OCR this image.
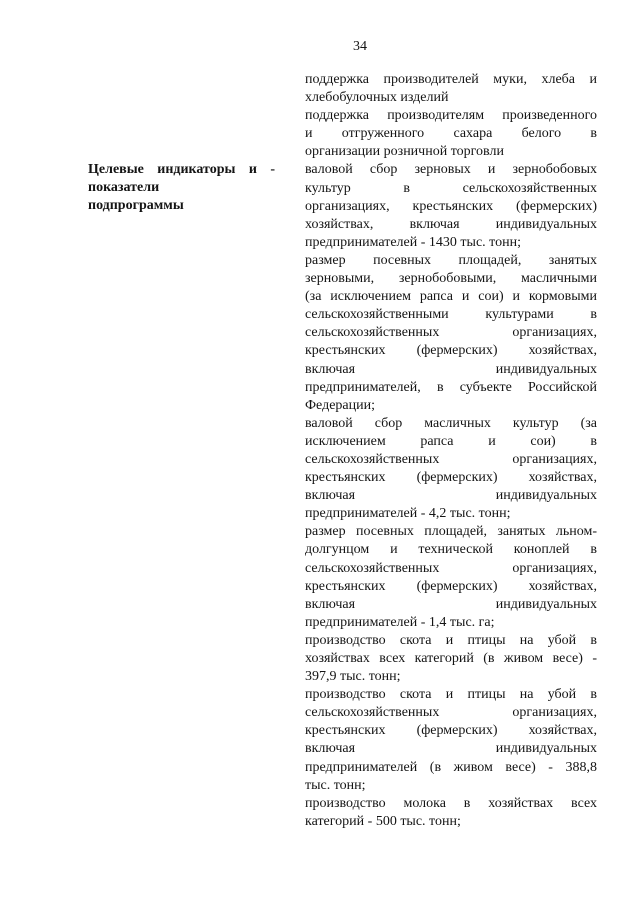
34
Целевые индикаторы и -
показатели
подпрограммы
поддержка производителей муки, хлеба и
хлебобулочных изделий
поддержка производителям произведенного
и отгруженного сахара белого в
организации розничной торговли
валовой сбор зерновых и зернобобовых
культур в сельскохозяйственных
организациях, крестьянских (фермерских)
хозяйствах, включая индивидуальных
предпринимателей - 1430 тыс. тонн;
размер посевных площадей, занятых
зерновыми, зернобобовыми, масличными
(за исключением рапса и сои) и кормовыми
сельскохозяйственными культурами в
сельскохозяйственных организациях,
крестьянских (фермерских) хозяйствах,
включая индивидуальных
предпринимателей, в субъекте Российской
Федерации;
валовой сбор масличных культур (за
исключением рапса и сои) в
сельскохозяйственных организациях,
крестьянских (фермерских) хозяйствах,
включая индивидуальных
предпринимателей - 4,2 тыс. тонн;
размер посевных площадей, занятых льном-
долгунцом и технической коноплей в
сельскохозяйственных организациях,
крестьянских (фермерских) хозяйствах,
включая индивидуальных
предпринимателей - 1,4 тыс. га;
производство скота и птицы на убой в
хозяйствах всех категорий (в живом весе) -
397,9 тыс. тонн;
производство скота и птицы на убой в
сельскохозяйственных организациях,
крестьянских (фермерских) хозяйствах,
включая индивидуальных
предпринимателей (в живом весе) - 388,8
тыс. тонн;
производство молока в хозяйствах всех
категорий - 500 тыс. тонн;
